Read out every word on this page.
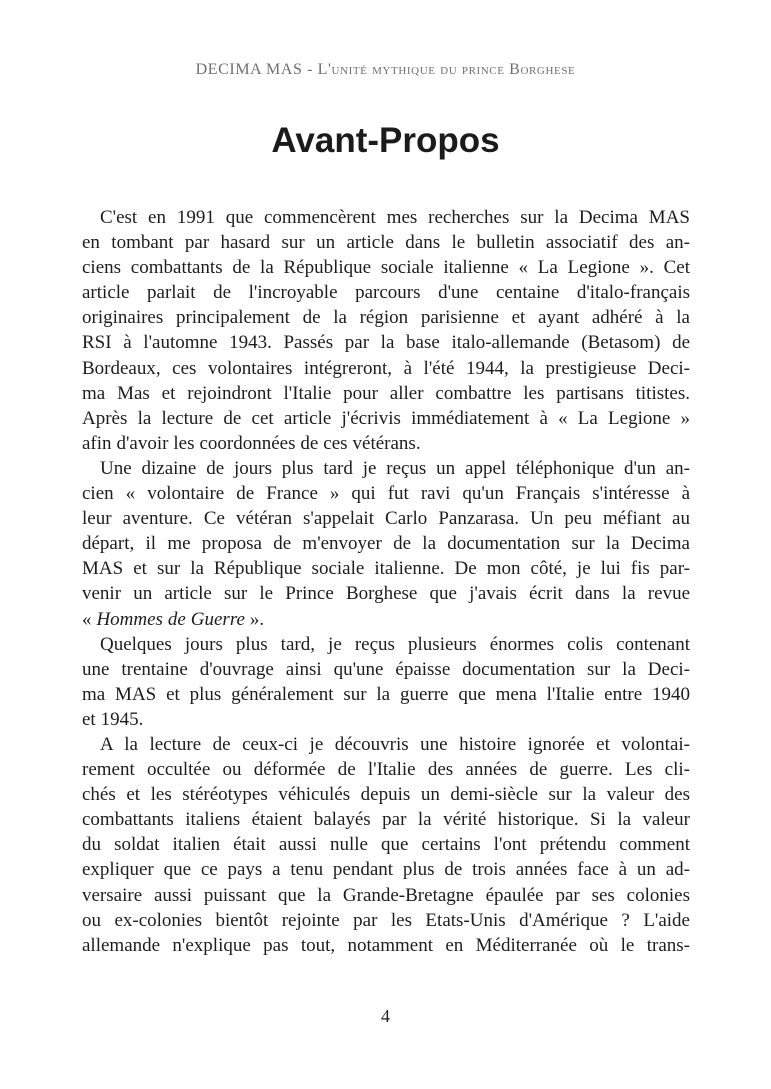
DECIMA MAS - L'unité mythique du prince Borghese
Avant-Propos
C'est en 1991 que commencèrent mes recherches sur la Decima MAS
en tombant par hasard sur un article dans le bulletin associatif des an-
ciens combattants de la République sociale italienne « La Legione ». Cet
article parlait de l'incroyable parcours d'une centaine d'italo-français
originaires principalement de la région parisienne et ayant adhéré à la
RSI à l'automne 1943. Passés par la base italo-allemande (Betasom) de
Bordeaux, ces volontaires intégreront, à l'été 1944, la prestigieuse Deci-
ma Mas et rejoindront l'Italie pour aller combattre les partisans titistes.
Après la lecture de cet article j'écrivis immédiatement à « La Legione »
afin d'avoir les coordonnées de ces vétérans.
Une dizaine de jours plus tard je reçus un appel téléphonique d'un an-
cien « volontaire de France » qui fut ravi qu'un Français s'intéresse à
leur aventure. Ce vétéran s'appelait Carlo Panzarasa. Un peu méfiant au
départ, il me proposa de m'envoyer de la documentation sur la Decima
MAS et sur la République sociale italienne. De mon côté, je lui fis par-
venir un article sur le Prince Borghese que j'avais écrit dans la revue
« Hommes de Guerre ».
Quelques jours plus tard, je reçus plusieurs énormes colis contenant
une trentaine d'ouvrage ainsi qu'une épaisse documentation sur la Deci-
ma MAS et plus généralement sur la guerre que mena l'Italie entre 1940
et 1945.
A la lecture de ceux-ci je découvris une histoire ignorée et volontai-
rement occultée ou déformée de l'Italie des années de guerre. Les cli-
chés et les stéréotypes véhiculés depuis un demi-siècle sur la valeur des
combattants italiens étaient balayés par la vérité historique. Si la valeur
du soldat italien était aussi nulle que certains l'ont prétendu comment
expliquer que ce pays a tenu pendant plus de trois années face à un ad-
versaire aussi puissant que la Grande-Bretagne épaulée par ses colonies
ou ex-colonies bientôt rejointe par les Etats-Unis d'Amérique ? L'aide
allemande n'explique pas tout, notamment en Méditerranée où le trans-
4
